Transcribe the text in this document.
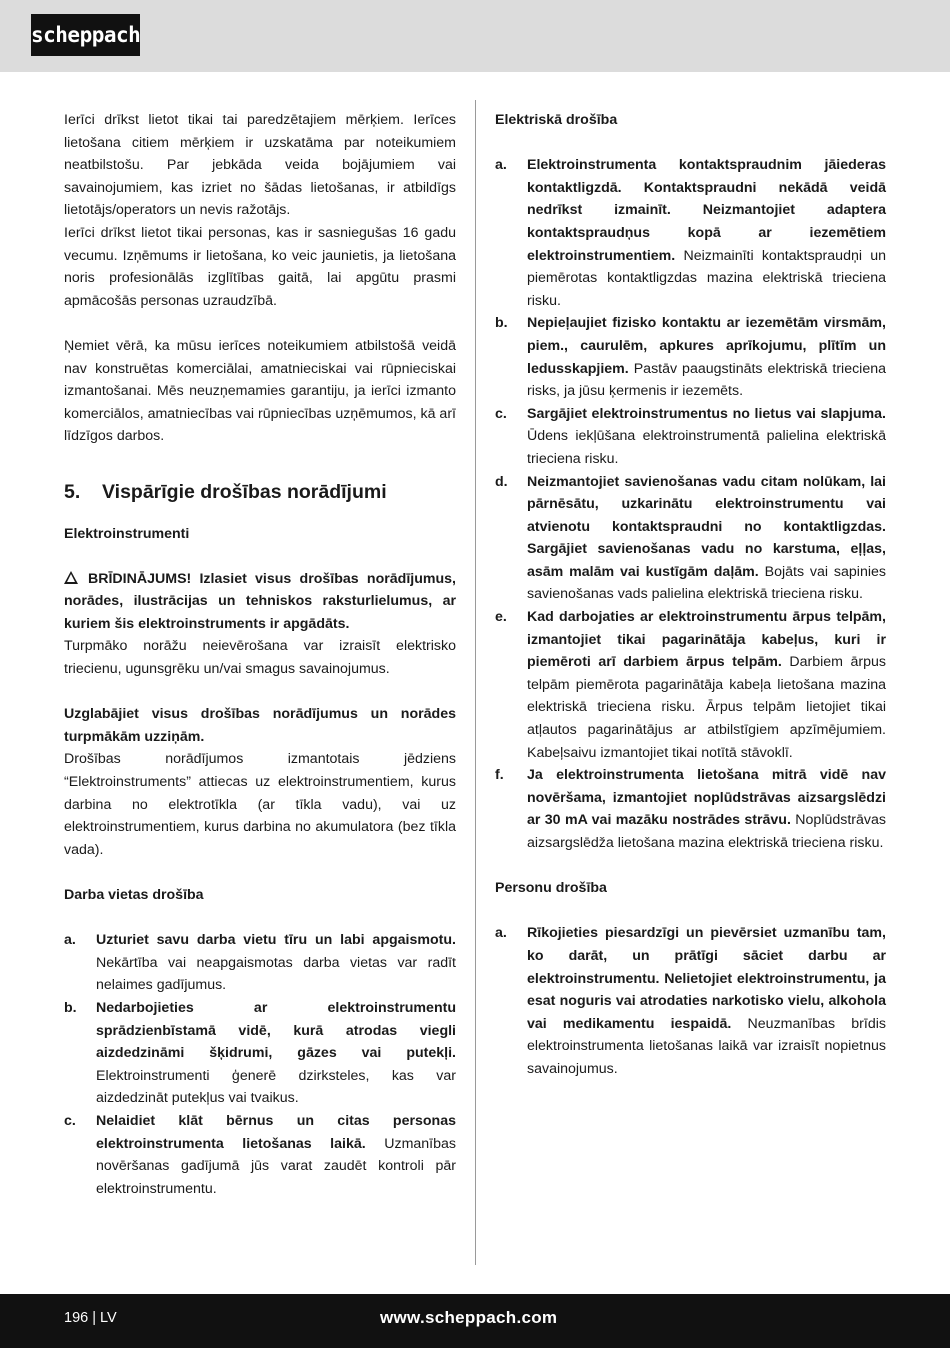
scheppach

Ierīci drīkst lietot tikai tai paredzētajiem mērķiem. Ierīces lietošana citiem mērķiem ir uzskatāma par noteikumiem neatbilstošu. Par jebkāda veida bojājumiem vai savainojumiem, kas izriet no šādas lietošanas, ir atbildīgs lietotājs/operators un nevis ražotājs.

Ierīci drīkst lietot tikai personas, kas ir sasniegušas 16 gadu vecumu. Izņēmums ir lietošana, ko veic jaunietis, ja lietošana noris profesionālās izglītības gaitā, lai apgūtu prasmi apmācošās personas uzraudzībā.

Ņemiet vērā, ka mūsu ierīces noteikumiem atbilstošā veidā nav konstruētas komerciālai, amatnieciskai vai rūpnieciskai izmantošanai. Mēs neuzņemamies garantiju, ja ierīci izmanto komerciālos, amatniecības vai rūpniecības uzņēmumos, kā arī līdzīgos darbos.

5. Vispārīgie drošības norādījumi

Elektroinstrumenti

BRĪDINĀJUMS! Izlasiet visus drošības norādījumus, norādes, ilustrācijas un tehniskos raksturlielumus, ar kuriem šis elektroinstruments ir apgādāts.

Turpmāko norāžu neievērošana var izraisīt elektrisko triecienu, ugunsgrēku un/vai smagus savainojumus.

Uzglabājiet visus drošības norādījumus un norādes turpmākām uzziņām.

Drošības norādījumos izmantotais jēdziens “Elektroinstruments” attiecas uz elektroinstrumentiem, kurus darbina no elektrotīkla (ar tīkla vadu), vai uz elektroinstrumentiem, kurus darbina no akumulatora (bez tīkla vada).

Darba vietas drošība

a.	Uzturiet savu darba vietu tīru un labi apgaismotu. Nekārtība vai neapgaismotas darba vietas var radīt nelaimes gadījumus.
b.	Nedarbojieties ar elektroinstrumentu sprādzienbīstamā vidē, kurā atrodas viegli aizdedzināmi šķidrumi, gāzes vai putekļi. Elektroinstrumenti ģenerē dzirksteles, kas var aizdedzināt putekļus vai tvaikus.
c.	Nelaidiet klāt bērnus un citas personas elektroinstrumenta lietošanas laikā. Uzmanības novēršanas gadījumā jūs varat zaudēt kontroli pār elektroinstrumentu.

Elektriskā drošība

a.	Elektroinstrumenta kontaktspraudnim jāiederas kontaktligzdā. Kontaktspraudni nekādā veidā nedrīkst izmainīt. Neizmantojiet adaptera kontaktspraudņus kopā ar iezemētiem elektroinstrumentiem. Neizmainīti kontaktspraudņi un piemērotas kontaktligzdas mazina elektriskā trieciena risku.
b.	Nepieļaujiet fizisko kontaktu ar iezemētām virsmām, piem., caurulēm, apkures aprīkojumu, plītīm un ledusskapjiem. Pastāv paaugstināts elektriskā trieciena risks, ja jūsu ķermenis ir iezemēts.
c.	Sargājiet elektroinstrumentus no lietus vai slapjuma. Ūdens iekļūšana elektroinstrumentā palielina elektriskā trieciena risku.
d.	Neizmantojiet savienošanas vadu citam nolūkam, lai pārnēsātu, uzkarinātu elektroinstrumentu vai atvienotu kontaktspraudni no kontaktligzdas. Sargājiet savienošanas vadu no karstuma, eļļas, asām malām vai kustīgām daļām. Bojāts vai sapinies savienošanas vads palielina elektriskā trieciena risku.
e.	Kad darbojaties ar elektroinstrumentu ārpus telpām, izmantojiet tikai pagarinātāja kabeļus, kuri ir piemēroti arī darbiem ārpus telpām. Darbiem ārpus telpām piemērota pagarinātāja kabeļa lietošana mazina elektriskā trieciena risku. Ārpus telpām lietojiet tikai atļautos pagarinātājus ar atbilstīgiem apzīmējumiem. Kabeļsaivu izmantojiet tikai notītā stāvoklī.
f.	Ja elektroinstrumenta lietošana mitrā vidē nav novēršama, izmantojiet noplūdstrāvas aizsargslēdzi ar 30 mA vai mazāku nostrādes strāvu. Noplūdstrāvas aizsargslēdža lietošana mazina elektriskā trieciena risku.

Personu drošība

a.	Rīkojieties piesardzīgi un pievērsiet uzmanību tam, ko darāt, un prātīgi sāciet darbu ar elektroinstrumentu. Nelietojiet elektroinstrumentu, ja esat noguris vai atrodaties narkotisko vielu, alkohola vai medikamentu iespaidā. Neuzmanības brīdis elektroinstrumenta lietošanas laikā var izraisīt nopietnus savainojumus.
196 | LV	www.scheppach.com
